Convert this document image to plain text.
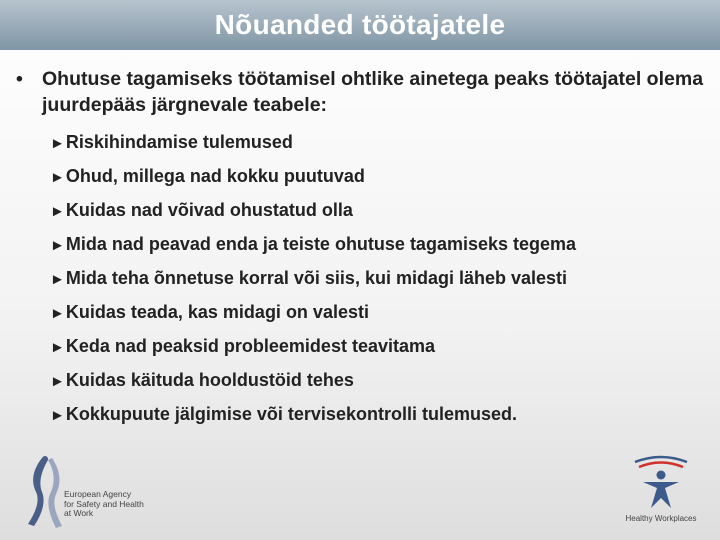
Nõuanded töötajatele
• Ohutuse tagamiseks töötamisel ohtlike ainetega peaks töötajatel olema juurdepääs järgnevale teabele:
►Riskihindamise tulemused
►Ohud, millega nad kokku puutuvad
►Kuidas nad võivad ohustatud olla
►Mida nad peavad enda ja teiste ohutuse tagamiseks tegema
►Mida teha õnnetuse korral või siis, kui midagi läheb valesti
►Kuidas teada, kas midagi on valesti
►Keda nad peaksid probleemidest teavitama
►Kuidas käituda hooldustöid tehes
►Kokkupuute jälgimise või tervisekontrolli tulemused.
European Agency
for Safety and Health
at Work
Healthy Workplaces
